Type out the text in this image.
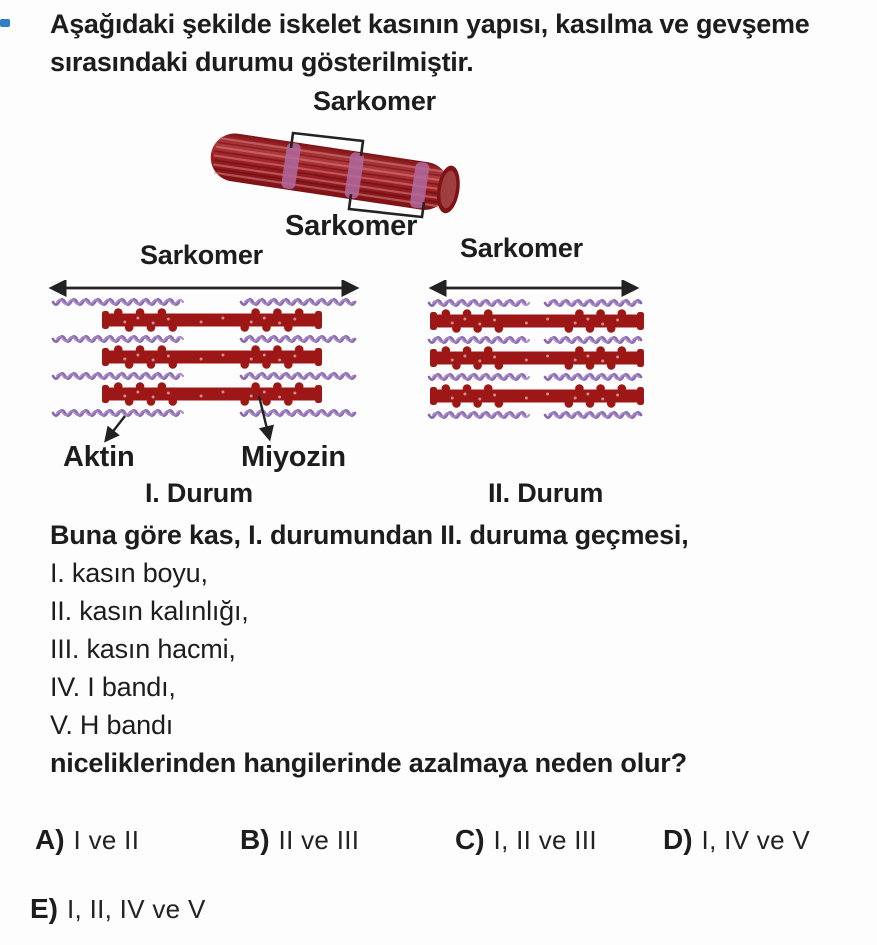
Aşağıdaki şekilde iskelet kasının yapısı, kasılma ve gevşeme sırasındaki durumu gösterilmiştir.
Sarkomer
Sarkomer
Sarkomer
Aktin	Miyozin
I. Durum
Sarkomer
II. Durum
Buna göre kas, I. durumundan II. duruma geçmesi,
I. kasın boyu,
II. kasın kalınlığı,
III. kasın hacmi,
IV. I bandı,
V. H bandı
niceliklerinden hangilerinde azalmaya neden olur?
A) I ve II	B) II ve III	C) I, II ve III D) I, IV ve V
E) I, II, IV ve V
